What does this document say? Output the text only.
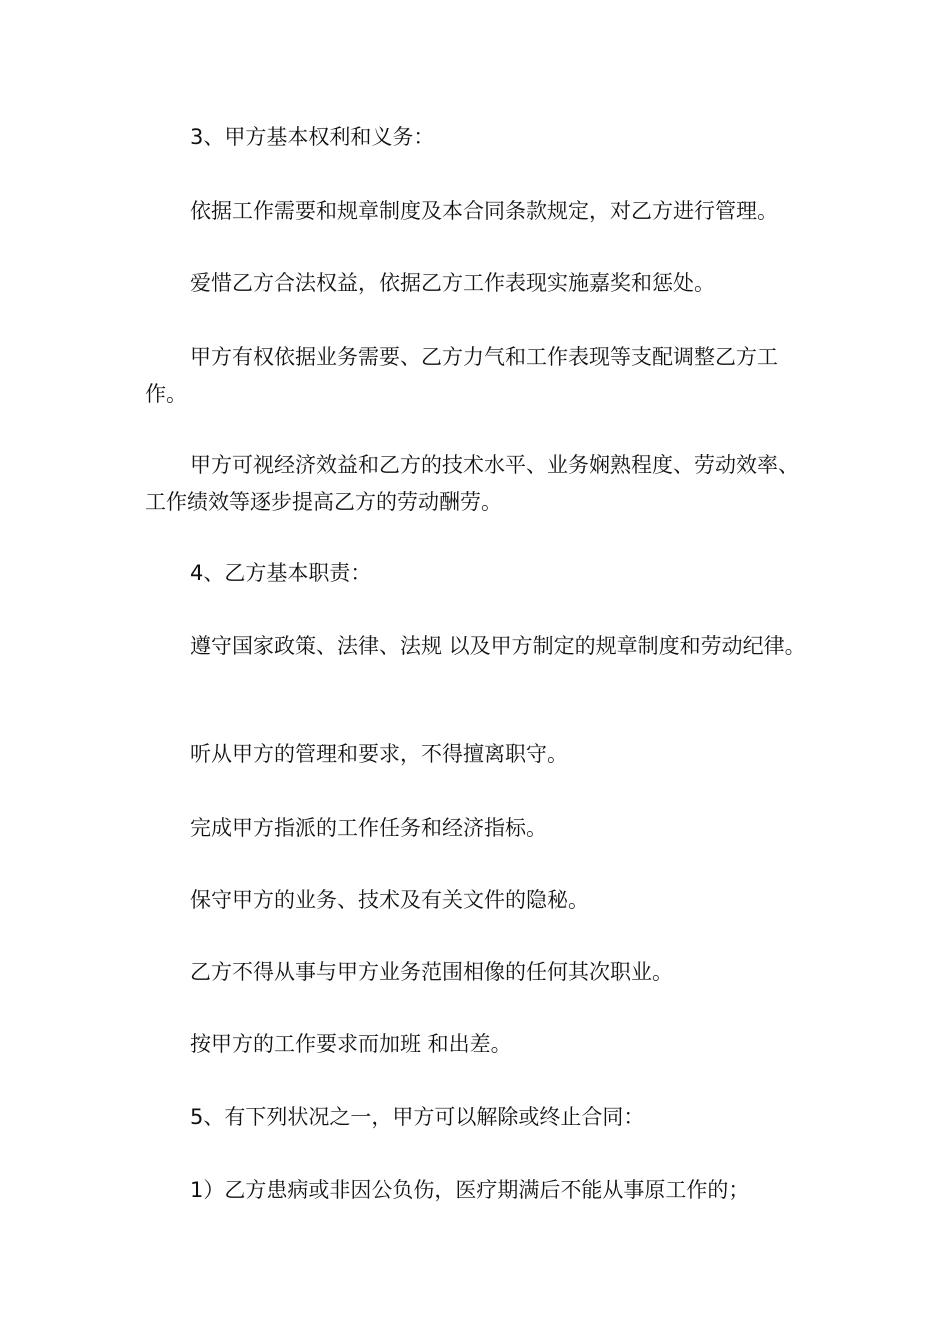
3、甲方基本权利和义务：

依据工作需要和规章制度及本合同条款规定，对乙方进行管理。

爱惜乙方合法权益，依据乙方工作表现实施嘉奖和惩处。

甲方有权依据业务需要、乙方力气和工作表现等支配调整乙方工作。

甲方可视经济效益和乙方的技术水平、业务娴熟程度、劳动效率、工作绩效等逐步提高乙方的劳动酬劳。

4、乙方基本职责：

遵守国家政策、法律、法规 以及甲方制定的规章制度和劳动纪律。

听从甲方的管理和要求，不得擅离职守。

完成甲方指派的工作任务和经济指标。

保守甲方的业务、技术及有关文件的隐秘。

乙方不得从事与甲方业务范围相像的任何其次职业。

按甲方的工作要求而加班 和出差。

5、有下列状况之一，甲方可以解除或终止合同：

1）乙方患病或非因公负伤，医疗期满后不能从事原工作的；
